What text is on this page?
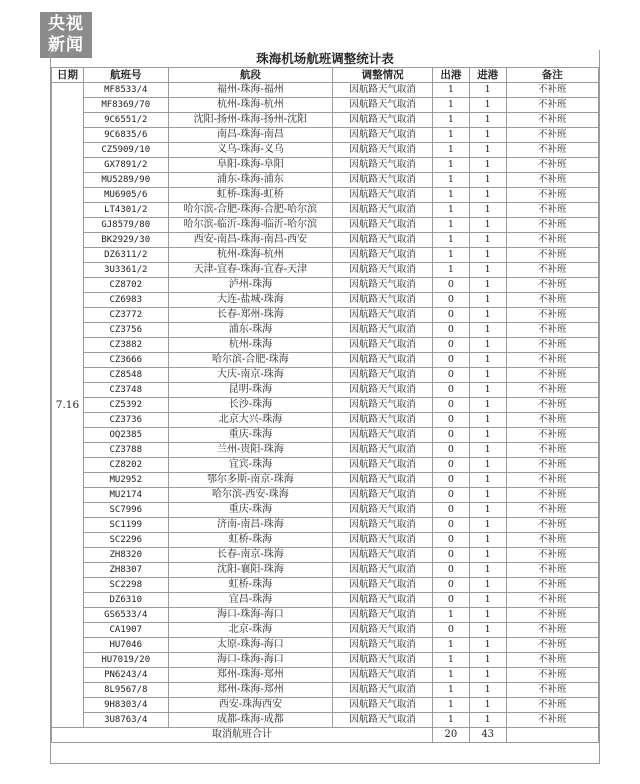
央视
新闻
珠海机场航班调整统计表						
日期	航班号	航段	调整情况	出港	进港	备注
7.16	MF8533/4	福州-珠海-福州	因航路天气取消	1	1	不补班
	MF8369/70	杭州-珠海-杭州	因航路天气取消	1	1	不补班
	9C6551/2	沈阳-扬州-珠海-扬州-沈阳	因航路天气取消	1	1	不补班
	9C6835/6	南昌-珠海-南昌	因航路天气取消	1	1	不补班
	CZ5909/10	义乌-珠海-义乌	因航路天气取消	1	1	不补班
	GX7891/2	阜阳-珠海-阜阳	因航路天气取消	1	1	不补班
	MU5289/90	浦东-珠海-浦东	因航路天气取消	1	1	不补班
	MU6905/6	虹桥-珠海-虹桥	因航路天气取消	1	1	不补班
	LT4301/2	哈尔滨-合肥-珠海-合肥-哈尔滨	因航路天气取消	1	1	不补班
	GJ8579/80	哈尔滨-临沂-珠海-临沂-哈尔滨	因航路天气取消	1	1	不补班
	BK2929/30	西安-南昌-珠海-南昌-西安	因航路天气取消	1	1	不补班
	DZ6311/2	杭州-珠海-杭州	因航路天气取消	1	1	不补班
	3U3361/2	天津-宜春-珠海-宜春-天津	因航路天气取消	1	1	不补班
	CZ8702	泸州-珠海	因航路天气取消	0	1	不补班
	CZ6983	大连-盐城-珠海	因航路天气取消	0	1	不补班
	CZ3772	长春-郑州-珠海	因航路天气取消	0	1	不补班
	CZ3756	浦东-珠海	因航路天气取消	0	1	不补班
	CZ3882	杭州-珠海	因航路天气取消	0	1	不补班
	CZ3666	哈尔滨-合肥-珠海	因航路天气取消	0	1	不补班
	CZ8548	大庆-南京-珠海	因航路天气取消	0	1	不补班
	CZ3748	昆明-珠海	因航路天气取消	0	1	不补班
	CZ5392	长沙-珠海	因航路天气取消	0	1	不补班
	CZ3736	北京大兴-珠海	因航路天气取消	0	1	不补班
	OQ2385	重庆-珠海	因航路天气取消	0	1	不补班
	CZ3788	兰州-贵阳-珠海	因航路天气取消	0	1	不补班
	CZ8202	宜宾-珠海	因航路天气取消	0	1	不补班
	MU2952	鄂尔多斯-南京-珠海	因航路天气取消	0	1	不补班
	MU2174	哈尔滨-西安-珠海	因航路天气取消	0	1	不补班
	SC7996	重庆-珠海	因航路天气取消	0	1	不补班
	SC1199	济南-南昌-珠海	因航路天气取消	0	1	不补班
	SC2296	虹桥-珠海	因航路天气取消	0	1	不补班
	ZH8320	长春-南京-珠海	因航路天气取消	0	1	不补班
	ZH8307	沈阳-襄阳-珠海	因航路天气取消	0	1	不补班
	SC2298	虹桥-珠海	因航路天气取消	0	1	不补班
	DZ6310	宜昌-珠海	因航路天气取消	0	1	不补班
	GS6533/4	海口-珠海-海口	因航路天气取消	1	1	不补班
	CA1907	北京-珠海	因航路天气取消	0	1	不补班
	HU7046	太原-珠海-海口	因航路天气取消	1	1	不补班
	HU7019/20	海口-珠海-海口	因航路天气取消	1	1	不补班
	PN6243/4	郑州-珠海-郑州	因航路天气取消	1	1	不补班
	8L9567/8	郑州-珠海-郑州	因航路天气取消	1	1	不补班
	9H8303/4	西安-珠海西安	因航路天气取消	1	1	不补班
	3U8763/4	成都-珠海-成都	因航路天气取消	1	1	不补班
取消航班合计				20	43	
